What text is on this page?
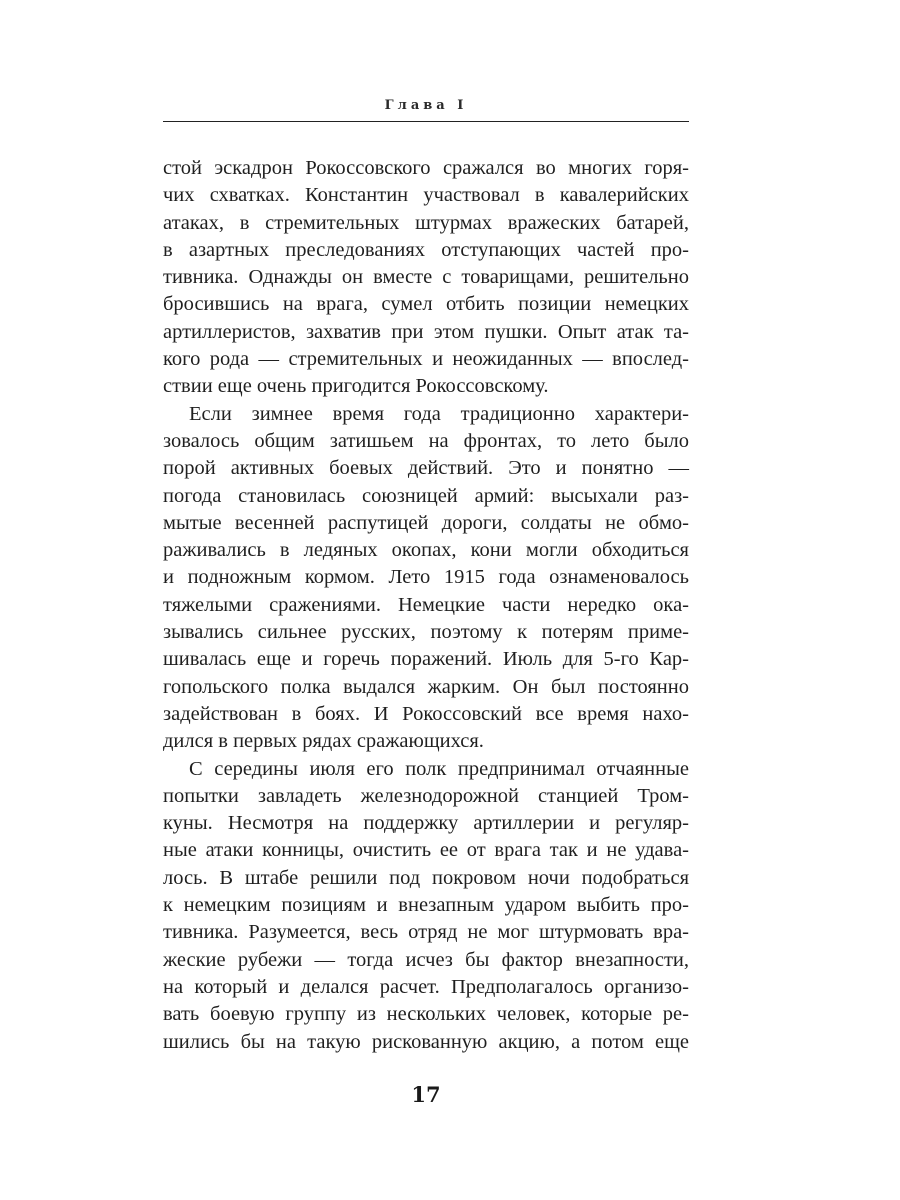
Глава I
стой эскадрон Рокоссовского сражался во многих горя-
чих схватках. Константин участвовал в кавалерийских
атаках, в стремительных штурмах вражеских батарей,
в азартных преследованиях отступающих частей про-
тивника. Однажды он вместе с товарищами, решительно
бросившись на врага, сумел отбить позиции немецких
артиллеристов, захватив при этом пушки. Опыт атак та-
кого рода — стремительных и неожиданных — впослед-
ствии еще очень пригодится Рокоссовскому.
Если зимнее время года традиционно характери-
зовалось общим затишьем на фронтах, то лето было
порой активных боевых действий. Это и понятно —
погода становилась союзницей армий: высыхали раз-
мытые весенней распутицей дороги, солдаты не обмо-
раживались в ледяных окопах, кони могли обходиться
и подножным кормом. Лето 1915 года ознаменовалось
тяжелыми сражениями. Немецкие части нередко ока-
зывались сильнее русских, поэтому к потерям приме-
шивалась еще и горечь поражений. Июль для 5-го Кар-
гопольского полка выдался жарким. Он был постоянно
задействован в боях. И Рокоссовский все время нахо-
дился в первых рядах сражающихся.
С середины июля его полк предпринимал отчаянные
попытки завладеть железнодорожной станцией Тром-
куны. Несмотря на поддержку артиллерии и регуляр-
ные атаки конницы, очистить ее от врага так и не удава-
лось. В штабе решили под покровом ночи подобраться
к немецким позициям и внезапным ударом выбить про-
тивника. Разумеется, весь отряд не мог штурмовать вра-
жеские рубежи — тогда исчез бы фактор внезапности,
на который и делался расчет. Предполагалось организо-
вать боевую группу из нескольких человек, которые ре-
шились бы на такую рискованную акцию, а потом еще
17
